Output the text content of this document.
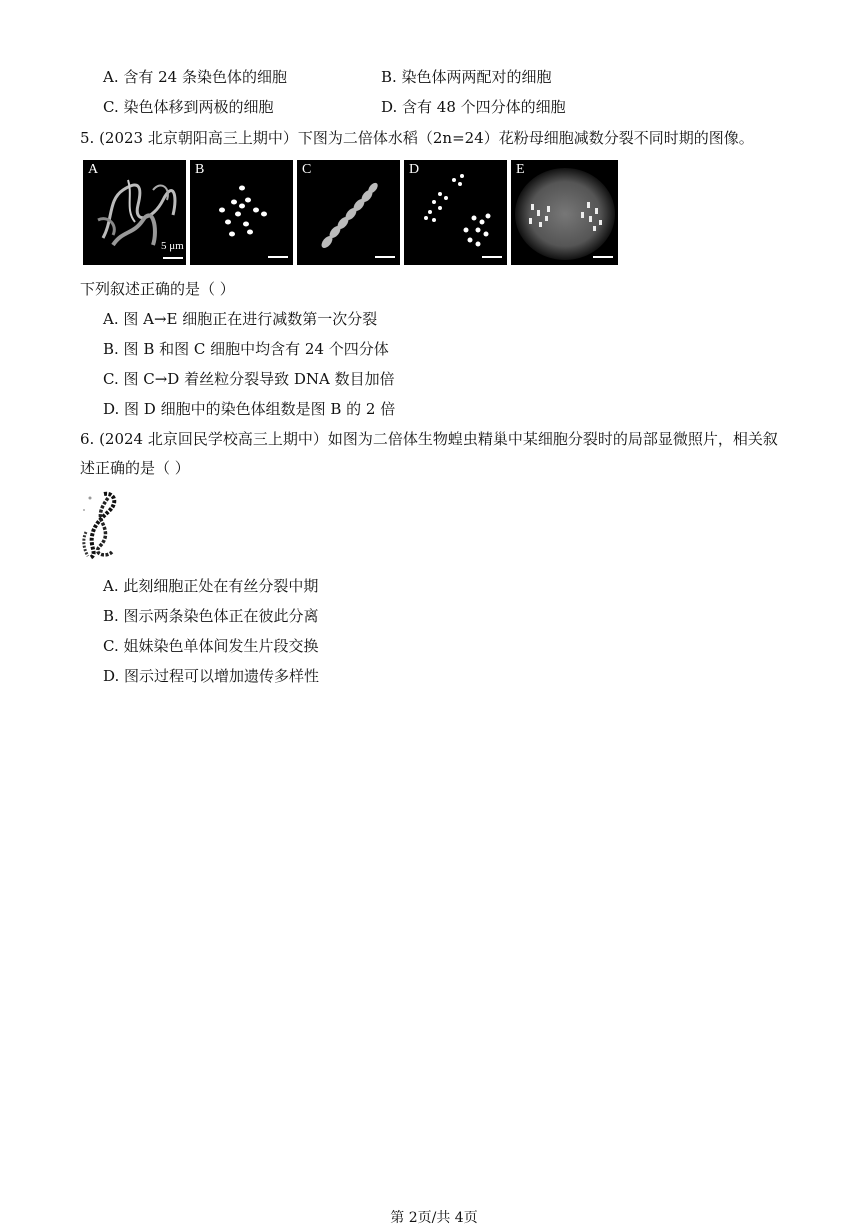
A. 含有 24 条染色体的细胞	B. 染色体两两配对的细胞
C. 染色体移到两极的细胞	D. 含有 48 个四分体的细胞
5. (2023 北京朝阳高三上期中）下图为二倍体水稻（2n=24）花粉母细胞减数分裂不同时期的图像。
A
5 μm
B	C	D	E
下列叙述正确的是（ ）
A. 图 A→E 细胞正在进行减数第一次分裂
B. 图 B 和图 C 细胞中均含有 24 个四分体
C. 图 C→D 着丝粒分裂导致 DNA 数目加倍
D. 图 D 细胞中的染色体组数是图 B 的 2 倍
6. (2024 北京回民学校高三上期中）如图为二倍体生物蝗虫精巢中某细胞分裂时的局部显微照片，相关叙
述正确的是（ ）
A. 此刻细胞正处在有丝分裂中期
B. 图示两条染色体正在彼此分离
C. 姐妹染色单体间发生片段交换
D. 图示过程可以增加遗传多样性
第 2页/共 4页
